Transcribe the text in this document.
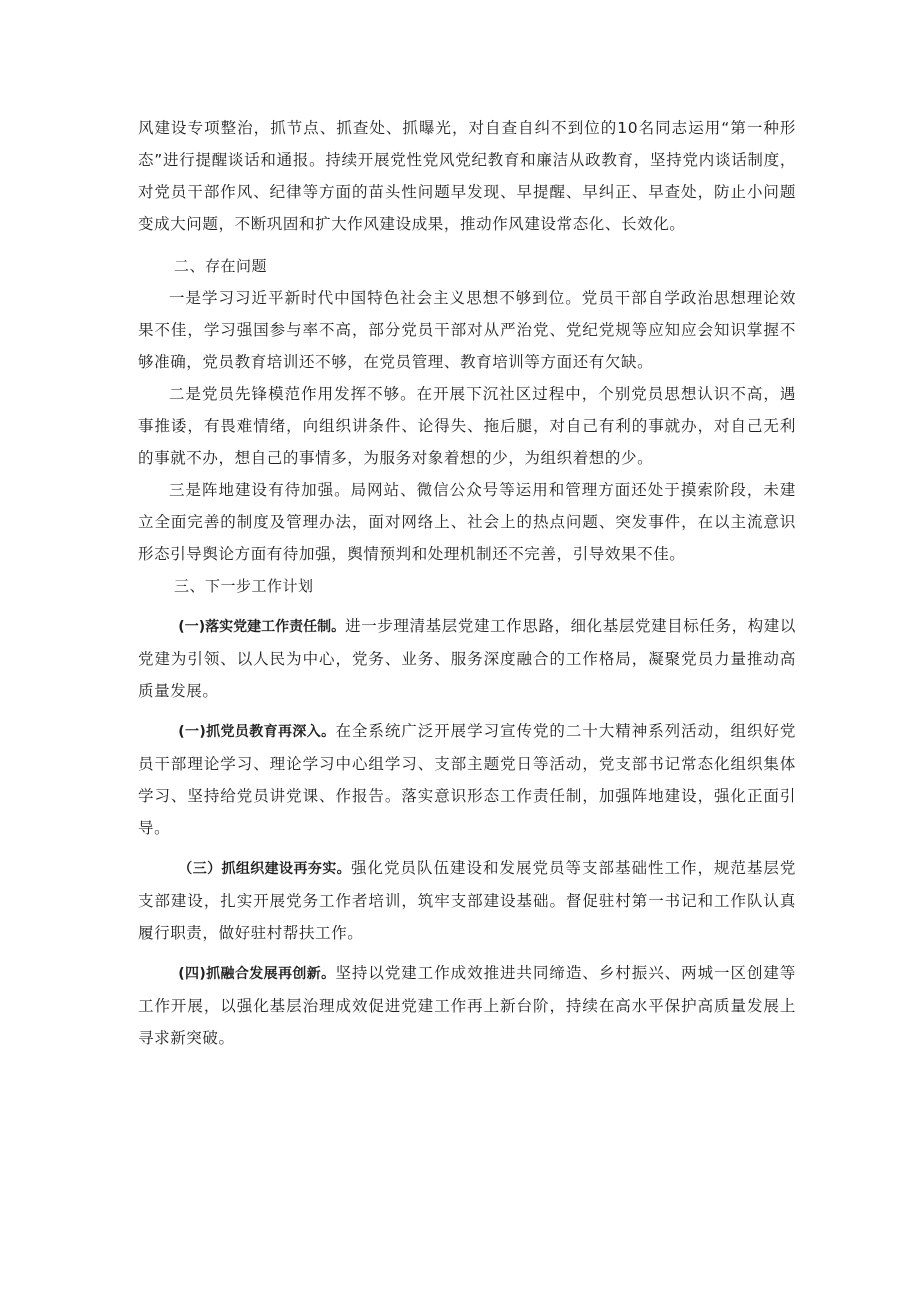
风建设专项整治，抓节点、抓查处、抓曝光，对自查自纠不到位的10名同志运用“第一种形态”进行提醒谈话和通报。持续开展党性党风党纪教育和廉洁从政教育，坚持党内谈话制度，对党员干部作风、纪律等方面的苗头性问题早发现、早提醒、早纠正、早查处，防止小问题变成大问题，不断巩固和扩大作风建设成果，推动作风建设常态化、长效化。

二、存在问题

一是学习习近平新时代中国特色社会主义思想不够到位。党员干部自学政治思想理论效果不佳，学习强国参与率不高，部分党员干部对从严治党、党纪党规等应知应会知识掌握不够准确，党员教育培训还不够，在党员管理、教育培训等方面还有欠缺。

二是党员先锋模范作用发挥不够。在开展下沉社区过程中，个别党员思想认识不高，遇事推诿，有畏难情绪，向组织讲条件、论得失、拖后腿，对自己有利的事就办，对自己无利的事就不办，想自己的事情多，为服务对象着想的少，为组织着想的少。

三是阵地建设有待加强。局网站、微信公众号等运用和管理方面还处于摸索阶段，未建立全面完善的制度及管理办法，面对网络上、社会上的热点问题、突发事件，在以主流意识形态引导舆论方面有待加强，舆情预判和处理机制还不完善，引导效果不佳。

三、下一步工作计划

(一)落实党建工作责任制。进一步理清基层党建工作思路，细化基层党建目标任务，构建以党建为引领、以人民为中心，党务、业务、服务深度融合的工作格局，凝聚党员力量推动高质量发展。

(一)抓党员教育再深入。在全系统广泛开展学习宣传党的二十大精神系列活动，组织好党员干部理论学习、理论学习中心组学习、支部主题党日等活动，党支部书记常态化组织集体学习、坚持给党员讲党课、作报告。落实意识形态工作责任制，加强阵地建设，强化正面引导。

（三）抓组织建设再夯实。强化党员队伍建设和发展党员等支部基础性工作，规范基层党支部建设，扎实开展党务工作者培训，筑牢支部建设基础。督促驻村第一书记和工作队认真履行职责，做好驻村帮扶工作。

(四)抓融合发展再创新。坚持以党建工作成效推进共同缔造、乡村振兴、两城一区创建等工作开展，以强化基层治理成效促进党建工作再上新台阶，持续在高水平保护高质量发展上寻求新突破。
